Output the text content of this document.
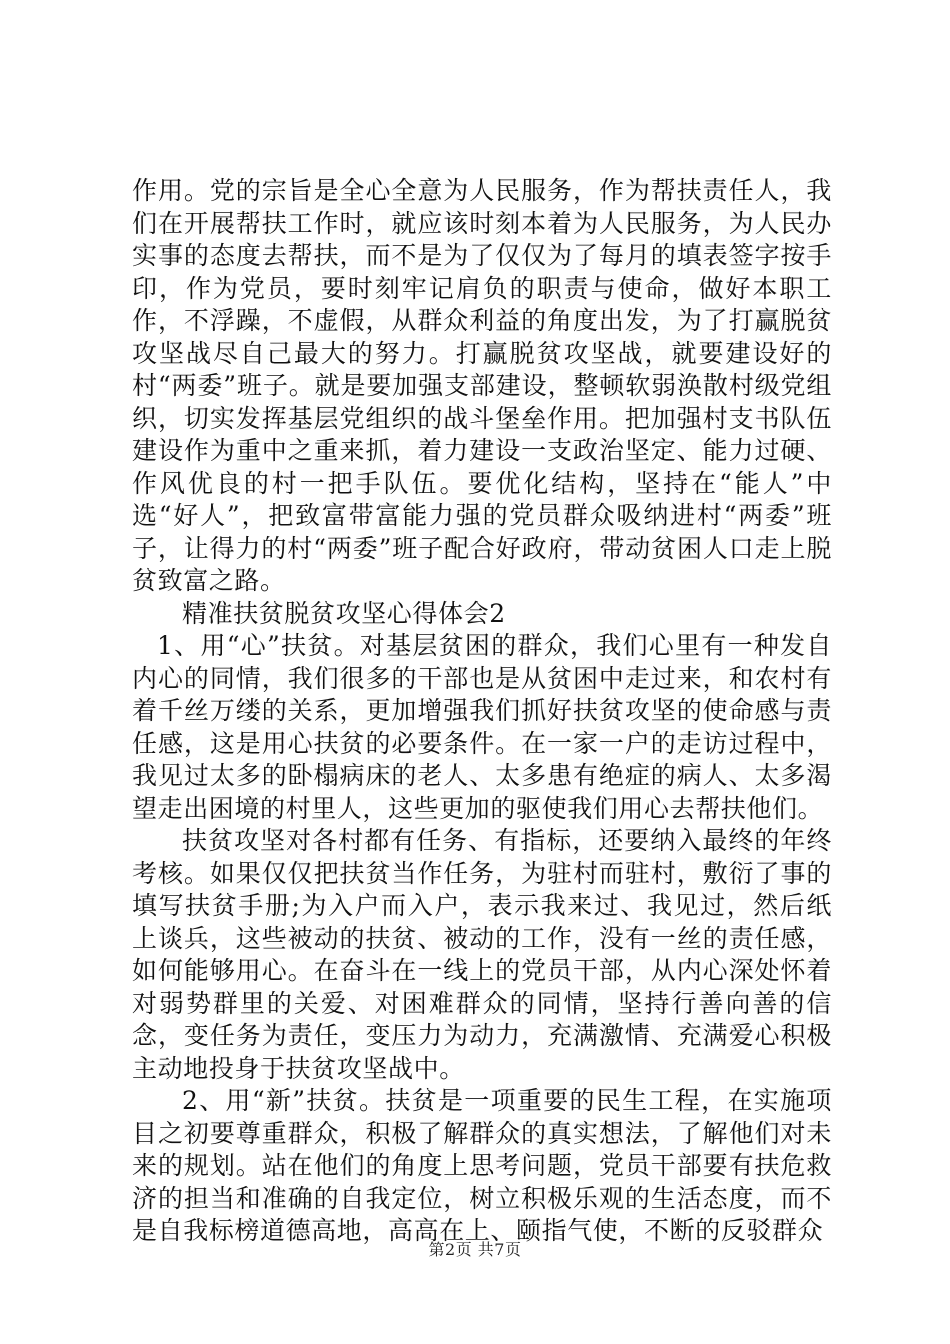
作用。党的宗旨是全心全意为人民服务，作为帮扶责任人，我们在开展帮扶工作时，就应该时刻本着为人民服务，为人民办实事的态度去帮扶，而不是为了仅仅为了每月的填表签字按手印，作为党员，要时刻牢记肩负的职责与使命，做好本职工作，不浮躁，不虚假，从群众利益的角度出发，为了打赢脱贫攻坚战尽自己最大的努力。打赢脱贫攻坚战，就要建设好的村“两委”班子。就是要加强支部建设，整顿软弱涣散村级党组织，切实发挥基层党组织的战斗堡垒作用。把加强村支书队伍建设作为重中之重来抓，着力建设一支政治坚定、能力过硬、作风优良的村一把手队伍。要优化结构，坚持在“能人”中选“好人”，把致富带富能力强的党员群众吸纳进村“两委”班子，让得力的村“两委”班子配合好政府，带动贫困人口走上脱贫致富之路。

精准扶贫脱贫攻坚心得体会2

1、用“心”扶贫。对基层贫困的群众，我们心里有一种发自内心的同情，我们很多的干部也是从贫困中走过来，和农村有着千丝万缕的关系，更加增强我们抓好扶贫攻坚的使命感与责任感，这是用心扶贫的必要条件。在一家一户的走访过程中，我见过太多的卧榻病床的老人、太多患有绝症的病人、太多渴望走出困境的村里人，这些更加的驱使我们用心去帮扶他们。

扶贫攻坚对各村都有任务、有指标，还要纳入最终的年终考核。如果仅仅把扶贫当作任务，为驻村而驻村，敷衍了事的填写扶贫手册;为入户而入户，表示我来过、我见过，然后纸上谈兵，这些被动的扶贫、被动的工作，没有一丝的责任感，如何能够用心。在奋斗在一线上的党员干部，从内心深处怀着对弱势群里的关爱、对困难群众的同情，坚持行善向善的信念，变任务为责任，变压力为动力，充满激情、充满爱心积极主动地投身于扶贫攻坚战中。

2、用“新”扶贫。扶贫是一项重要的民生工程，在实施项目之初要尊重群众，积极了解群众的真实想法，了解他们对未来的规划。站在他们的角度上思考问题，党员干部要有扶危救济的担当和准确的自我定位，树立积极乐观的生活态度，而不是自我标榜道德高地，高高在上、颐指气使，不断的反驳群众

第2页 共7页
